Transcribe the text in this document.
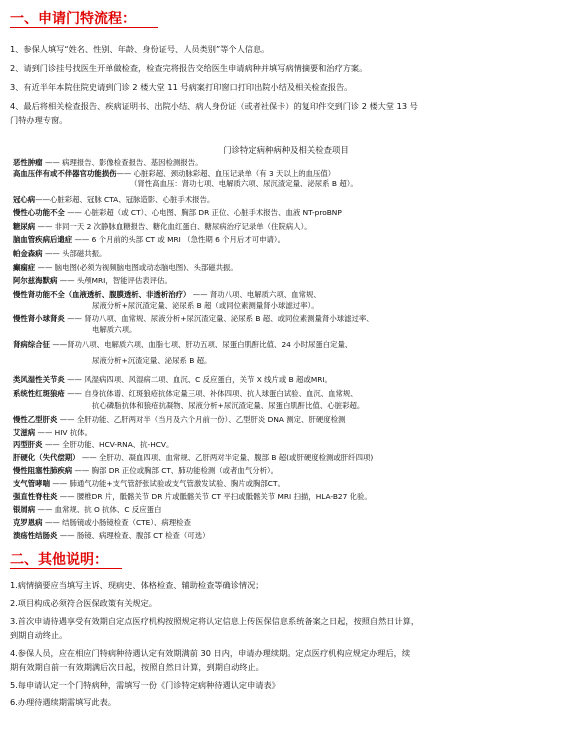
一、申请门特流程：
1、参保人填写“姓名、性别、年龄、身份证号、人员类别”等个人信息。
2、请到门诊挂号找医生开单做检查，检查完将报告交给医生申请病种并填写病情摘要和治疗方案。
3、有近半年本院住院史请到门诊 2 楼大堂 11 号病案打印窗口打印出院小结及相关检查报告。
4、最后将相关检查报告、疾病证明书、出院小结、病人身份证（或者社保卡）的复印件交到门诊 2 楼大堂 13 号
门特办理专窗。
门诊特定病种病种及相关检查项目
恶性肿瘤 —— 病理报告、影像检查报告、基因检测报告。
高血压伴有或不伴器官功能损伤—— 心脏彩超、颈动脉彩超、血压记录单（有 3 天以上的血压值）
（肾性高血压：肾功七项、电解质六项、尿沉渣定量、泌尿系 B 超）。
冠心病——心脏彩超、冠脉 CTA、冠脉造影、心脏手术报告。
慢性心功能不全 —— 心脏彩超（或 CT）、心电图、胸部 DR 正位、心脏手术报告、血液 NT-proBNP
糖尿病 —— 非同一天 2 次静脉血糖报告、糖化血红蛋白、糖尿病治疗记录单（住院病人）。
脑血管疾病后遗症 —— 6 个月前的头部 CT 或 MRI （急性期 6 个月后才可申请）。
帕金森病 —— 头部磁共振。
癫痫症 —— 脑电图(必须为视频脑电图或动态脑电图)、头部磁共振。
阿尔兹海默病 —— 头颅MRI，智能评估表评估。
慢性肾功能不全（血液透析、腹膜透析、非透析治疗） —— 肾功八项、电解质六项、血常规、
尿液分析+尿沉渣定量、泌尿系 B 超（或同位素测量肾小球滤过率）。
慢性肾小球肾炎 —— 肾功八项、血常规、尿液分析+尿沉渣定量、泌尿系 B 超、或同位素测量肾小球滤过率、
电解质六项。
肾病综合征 ——肾功八项、电解质六项、血脂七项、肝功五项、尿蛋白肌酐比值、24 小时尿蛋白定量、
尿液分析+沉渣定量、泌尿系 B 超。
类风湿性关节炎 —— 风湿病四项、风湿病二项、血沉、C 反应蛋白，关节 X 线片或 B 超或MRI。
系统性红斑狼疮 —— 自身抗体谱、红斑狼疮抗体定量三项、补体四项、抗人球蛋白试验、血沉、血常规、
抗心磷脂抗体和狼疮抗凝物、尿液分析+尿沉渣定量、尿蛋白肌酐比值、心脏彩超。
慢性乙型肝炎 —— 全肝功能、乙肝两对半（当月及六个月前一份）、乙型肝炎 DNA 测定、肝硬度检测
艾滋病 —— HIV 抗体。
丙型肝炎 —— 全肝功能、HCV-RNA、抗-HCV。
肝硬化（失代偿期） —— 全肝功、凝血四项、血常规、乙肝两对半定量、腹部 B 超(或肝硬度检测或肝纤四项)
慢性阻塞性肺疾病 —— 胸部 DR 正位或胸部 CT、肺功能检测（或者血气分析）。
支气管哮喘 —— 肺通气功能+支气管舒张试验或支气管激发试验、胸片或胸部CT。
强直性脊柱炎 —— 腰椎DR 片，骶髂关节 DR 片或骶髂关节 CT 平扫或骶髂关节 MRI 扫描，HLA-B27 化验。
银屑病 —— 血常规、抗 O 抗体、C 反应蛋白
克罗恩病 —— 结肠镜或小肠镜检查（CTE）、病理检查
溃疡性结肠炎 —— 肠镜、病理检查、腹部 CT 检查（可选）
二、其他说明：
1.病情摘要应当填写主诉、现病史、体格检查、辅助检查等确诊情况；
2.项目构成必须符合医保政策有关规定。
3.首次申请待遇享受有效期自定点医疗机构按照规定将认定信息上传医保信息系统备案之日起，按照自然日计算，
到期自动终止。
4.参保人员，应在相应门特病种待遇认定有效期满前 30 日内，申请办理续期。定点医疗机构应规定办理后，续
期有效期自前一有效期满后次日起，按照自然日计算，到期自动终止。
5.每申请认定一个门特病种，需填写一份《门诊特定病种待遇认定申请表》
6.办理待遇续期需填写此表。
